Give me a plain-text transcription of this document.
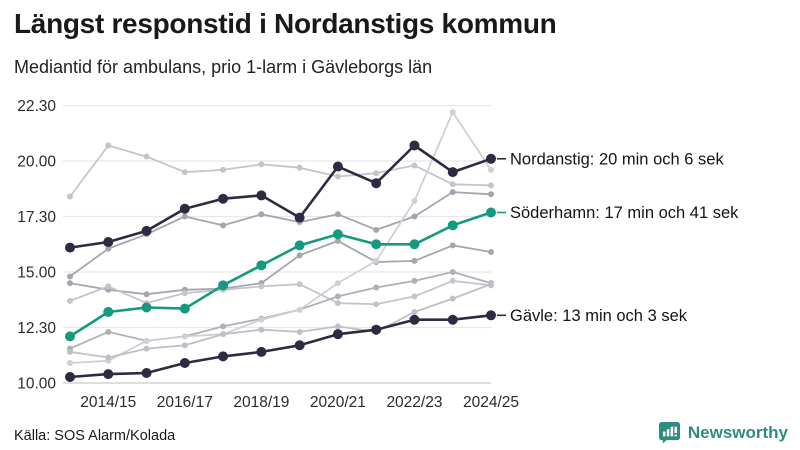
Längst responstid i Nordanstigs kommun
Mediantid för ambulans, prio 1-larm i Gävleborgs län
10.00
12.30
15.00
17.30
20.00
22.30
2014/15 2016/17 2018/19 2020/21 2022/23 2024/25
Söderhamn: 17 min och 41 sek
Gävle: 13 min och 3 sek
Nordanstig: 20 min och 6 sek
Källa: SOS Alarm/Kolada	Newsworthy
